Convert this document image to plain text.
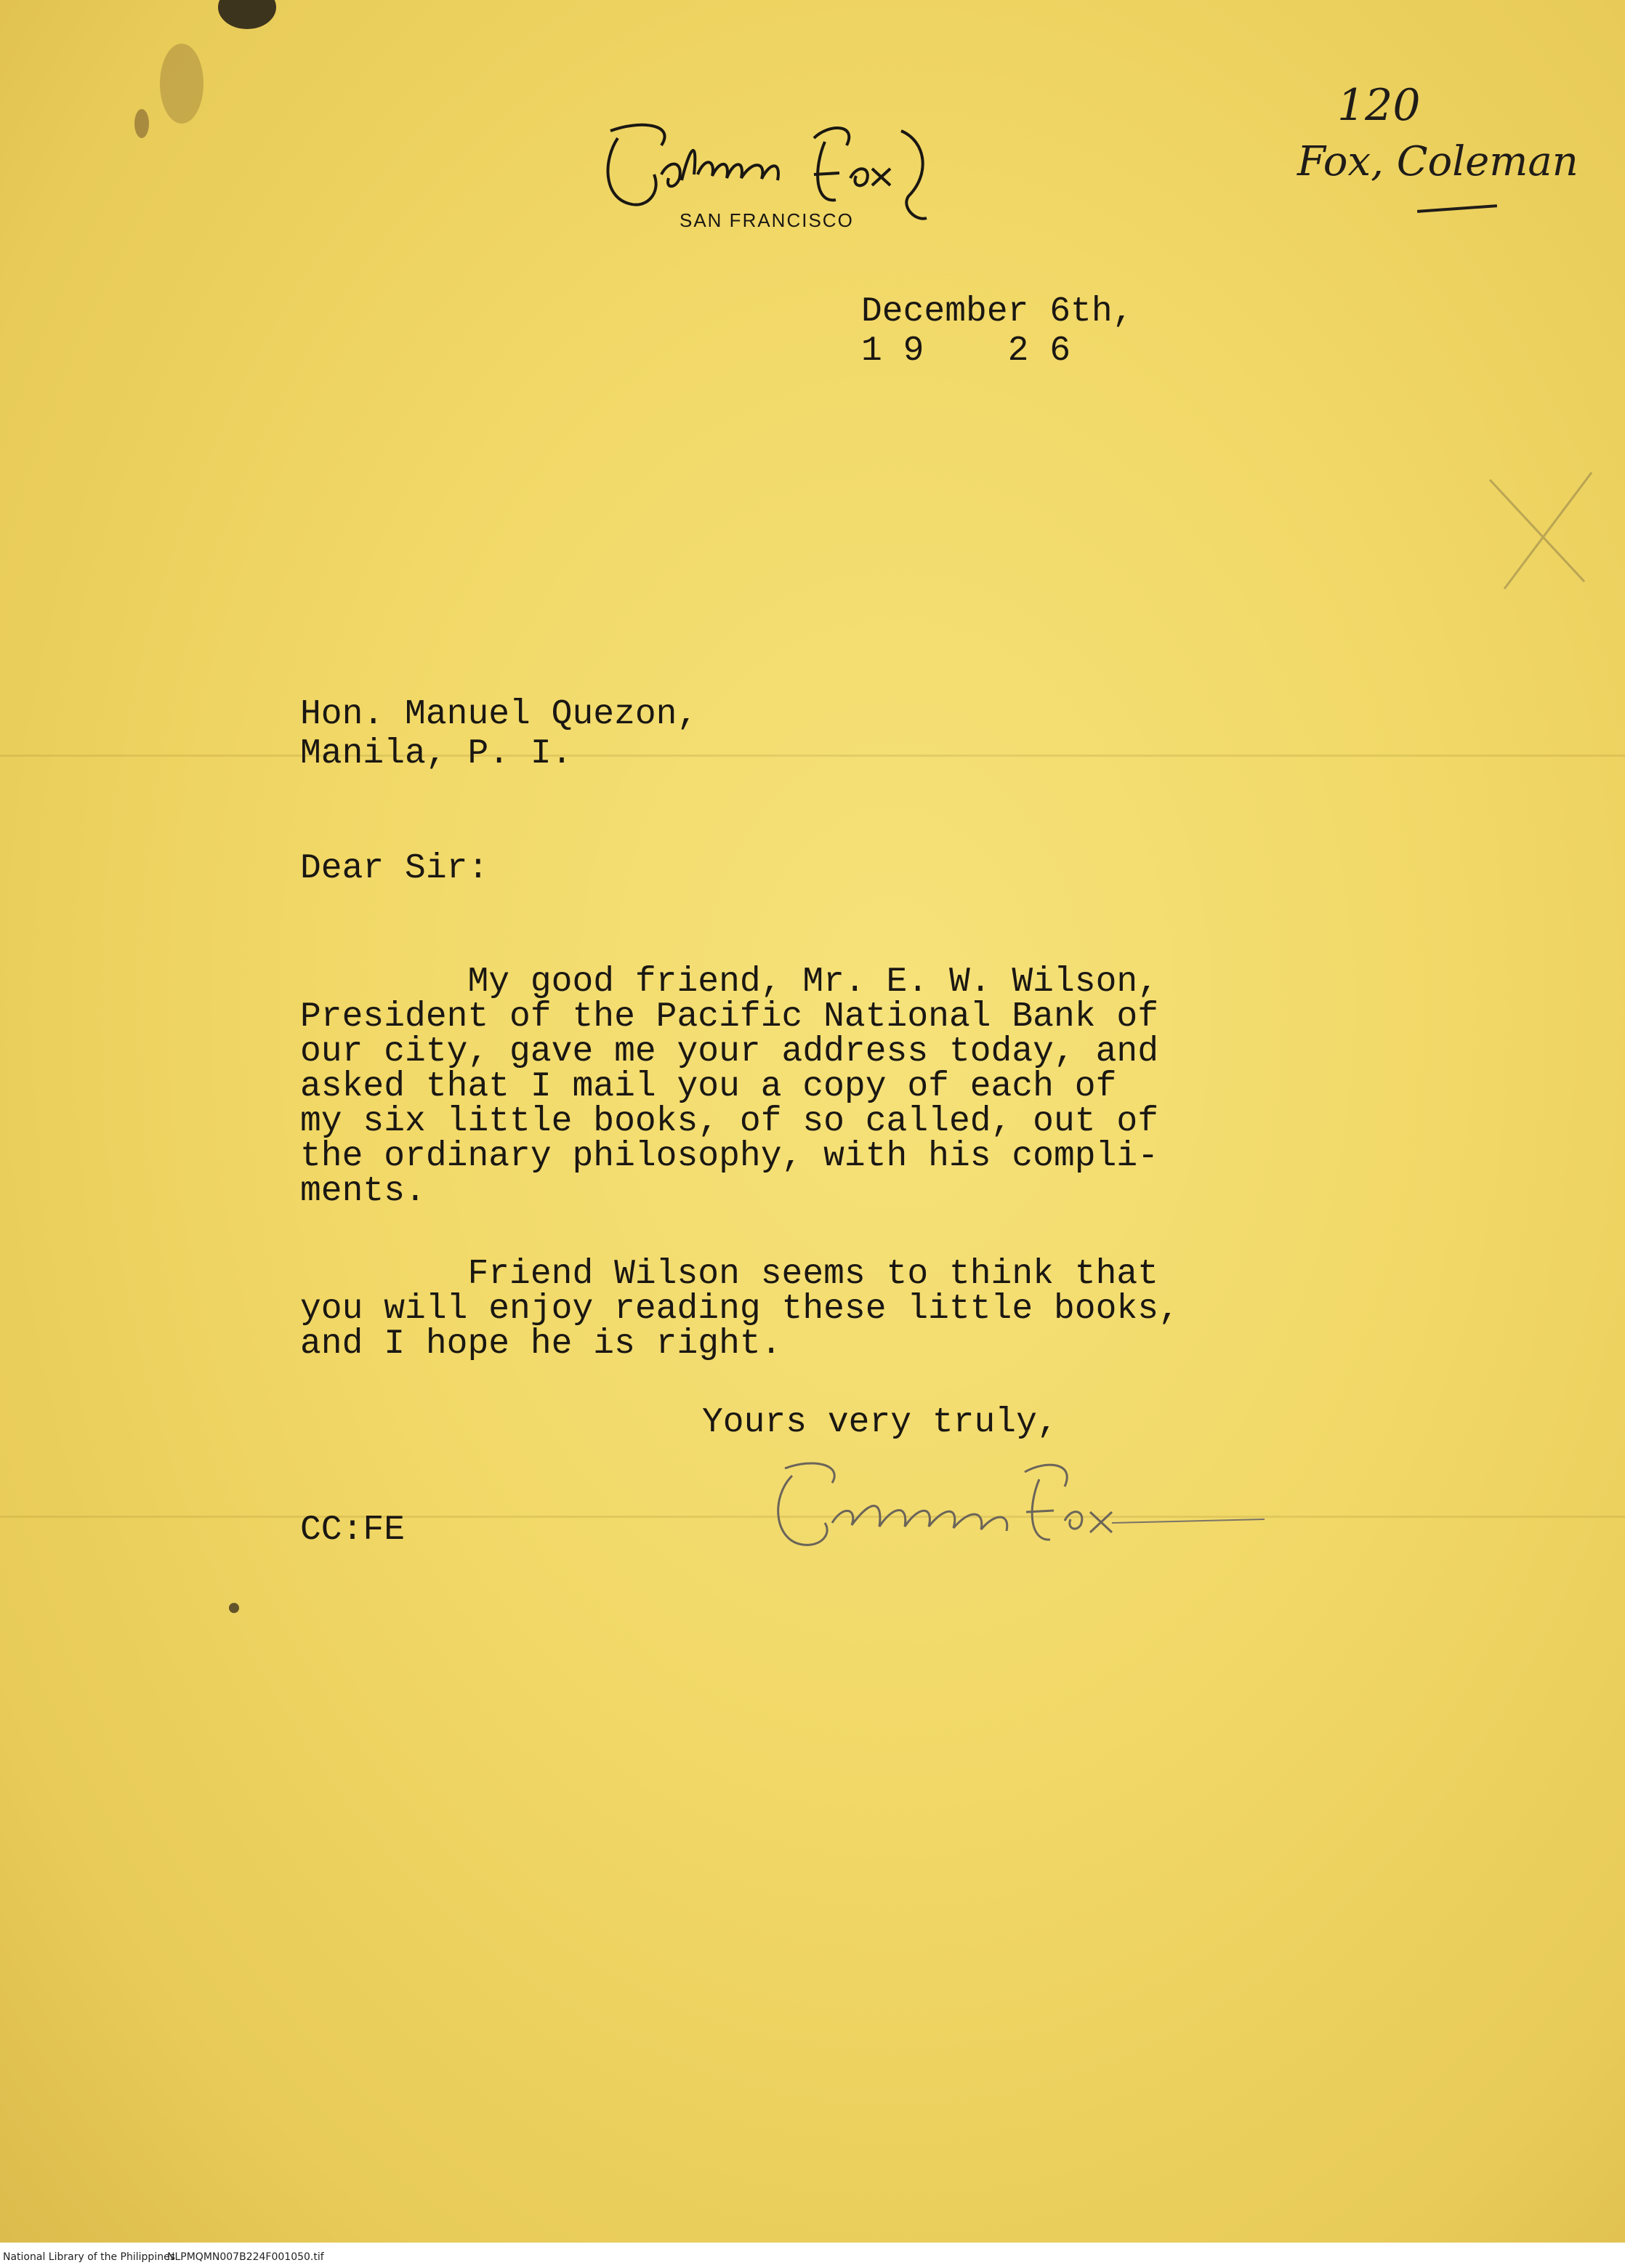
Coleman Fox
SAN FRANCISCO
120
Fox, Coleman
December 6th,
1 9    2 6
Hon. Manuel Quezon,
Manila, P. I.
Dear Sir:
My good friend, Mr. E. W. Wilson,
President of the Pacific National Bank of
our city, gave me your address today, and
asked that I mail you a copy of each of
my six little books, of so called, out of
the ordinary philosophy, with his compli-
ments.
Friend Wilson seems to think that
you will enjoy reading these little books,
and I hope he is right.
Yours very truly,
CC:FE
National Library of the Philippines
NLPMQMN007B224F001050.tif
